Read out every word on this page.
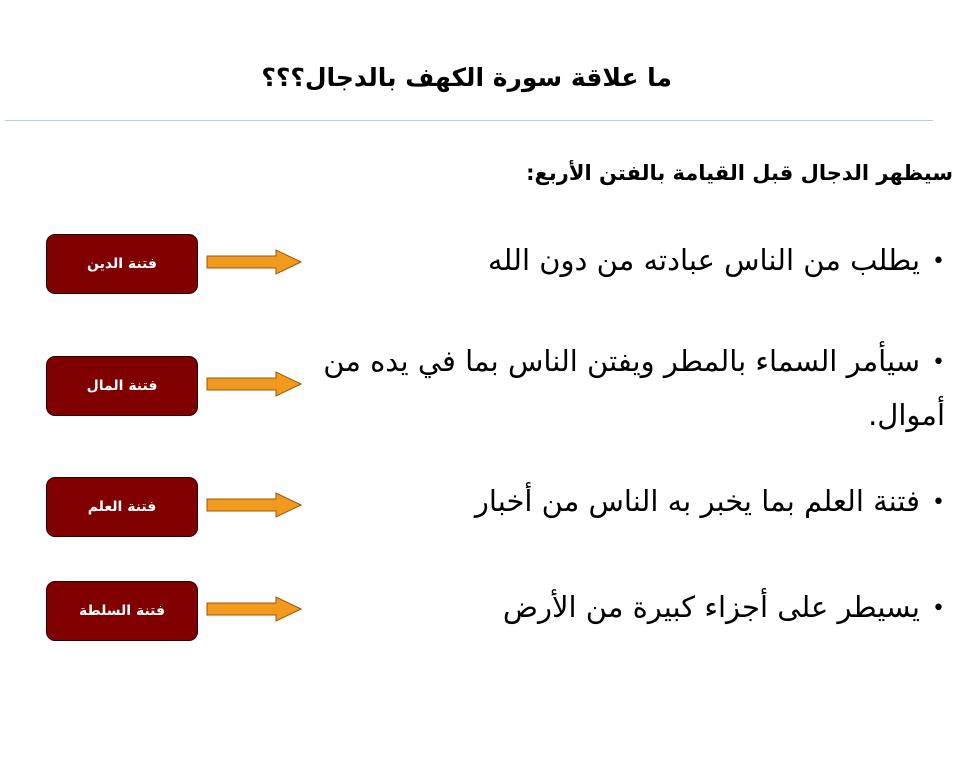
ما علاقة سورة الكهف بالدجال؟؟؟
سيظهر الدجال قبل القيامة بالفتن الأربع:
فتنة الدين	•يطلب من الناس عبادته من دون الله
فتنة المال
•سيأمر السماء بالمطر ويفتن الناس بما في يده من أموال.
فتنة العلم	•فتنة العلم بما يخبر به الناس من أخبار
فتنة السلطة	•يسيطر على أجزاء كبيرة من الأرض
